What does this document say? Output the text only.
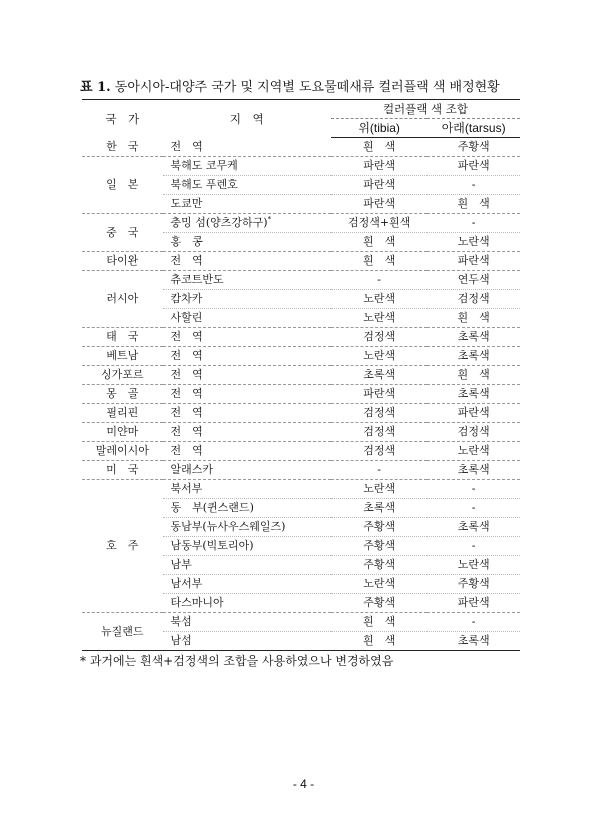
표 1. 동아시아-대양주 국가 및 지역별 도요물떼새류 컬러플랙 색 배정현황
국　가	지　역	컬러플랙 색 조합	
		위(tibia)	아래(tarsus)
한　국	전　역	흰　색	주황색
일　본	북해도 코무케	파란색	파란색
	북해도 푸렌호	파란색	-
	도쿄만	파란색	흰　색
중　국	충밍 섬(양츠강하구)*	검정색+흰색	-
	홍　콩	흰　색	노란색
타이완	전　역	흰　색	파란색
러시아	츄코트반도	-	연두색
	캄차카	노란색	검정색
	사할린	노란색	흰　색
태　국	전　역	검정색	초록색
베트남	전　역	노란색	초록색
싱가포르	전　역	초록색	흰　색
몽　골	전　역	파란색	초록색
필리핀	전　역	검정색	파란색
미얀마	전　역	검정색	검정색
말레이시아	전　역	검정색	노란색
미　국	알래스카	-	초록색
호　주	북서부	노란색	-
	동　부(퀸스랜드)	초록색	-
	동남부(뉴사우스웨일즈)	주황색	초록색
	남동부(빅토리아)	주황색	-
	남부	주황색	노란색
	남서부	노란색	주황색
	타스마니아	주황색	파란색
뉴질랜드	북섬	흰　색	-
	남섬	흰　색	초록색
* 과거에는 흰색+검정색의 조합을 사용하였으나 변경하였음
- 4 -
